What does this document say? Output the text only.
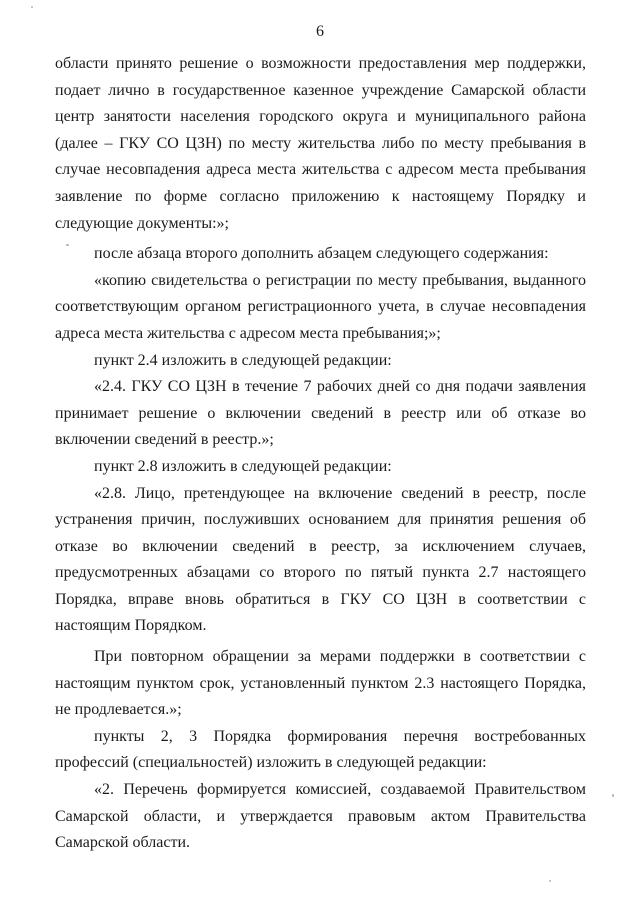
6

области принято решение о возможности предоставления мер поддержки, подает лично в государственное казенное учреждение Самарской области центр занятости населения городского округа и муниципального района (далее – ГКУ СО ЦЗН) по месту жительства либо по месту пребывания в случае несовпадения адреса места жительства с адресом места пребывания заявление по форме согласно приложению к настоящему Порядку и следующие документы:»;

после абзаца второго дополнить абзацем следующего содержания:

«копию свидетельства о регистрации по месту пребывания, выданного соответствующим органом регистрационного учета, в случае несовпадения адреса места жительства с адресом места пребывания;»;

пункт 2.4 изложить в следующей редакции:

«2.4. ГКУ СО ЦЗН в течение 7 рабочих дней со дня подачи заявления принимает решение о включении сведений в реестр или об отказе во включении сведений в реестр.»;

пункт 2.8 изложить в следующей редакции:

«2.8. Лицо, претендующее на включение сведений в реестр, после устранения причин, послуживших основанием для принятия решения об отказе во включении сведений в реестр, за исключением случаев, предусмотренных абзацами со второго по пятый пункта 2.7 настоящего Порядка, вправе вновь обратиться в ГКУ СО ЦЗН в соответствии с настоящим Порядком.

При повторном обращении за мерами поддержки в соответствии с настоящим пунктом срок, установленный пунктом 2.3 настоящего Порядка, не продлевается.»;

пункты 2, 3 Порядка формирования перечня востребованных профессий (специальностей) изложить в следующей редакции:

«2. Перечень формируется комиссией, создаваемой Правительством Самарской области, и утверждается правовым актом Правительства Самарской области.
